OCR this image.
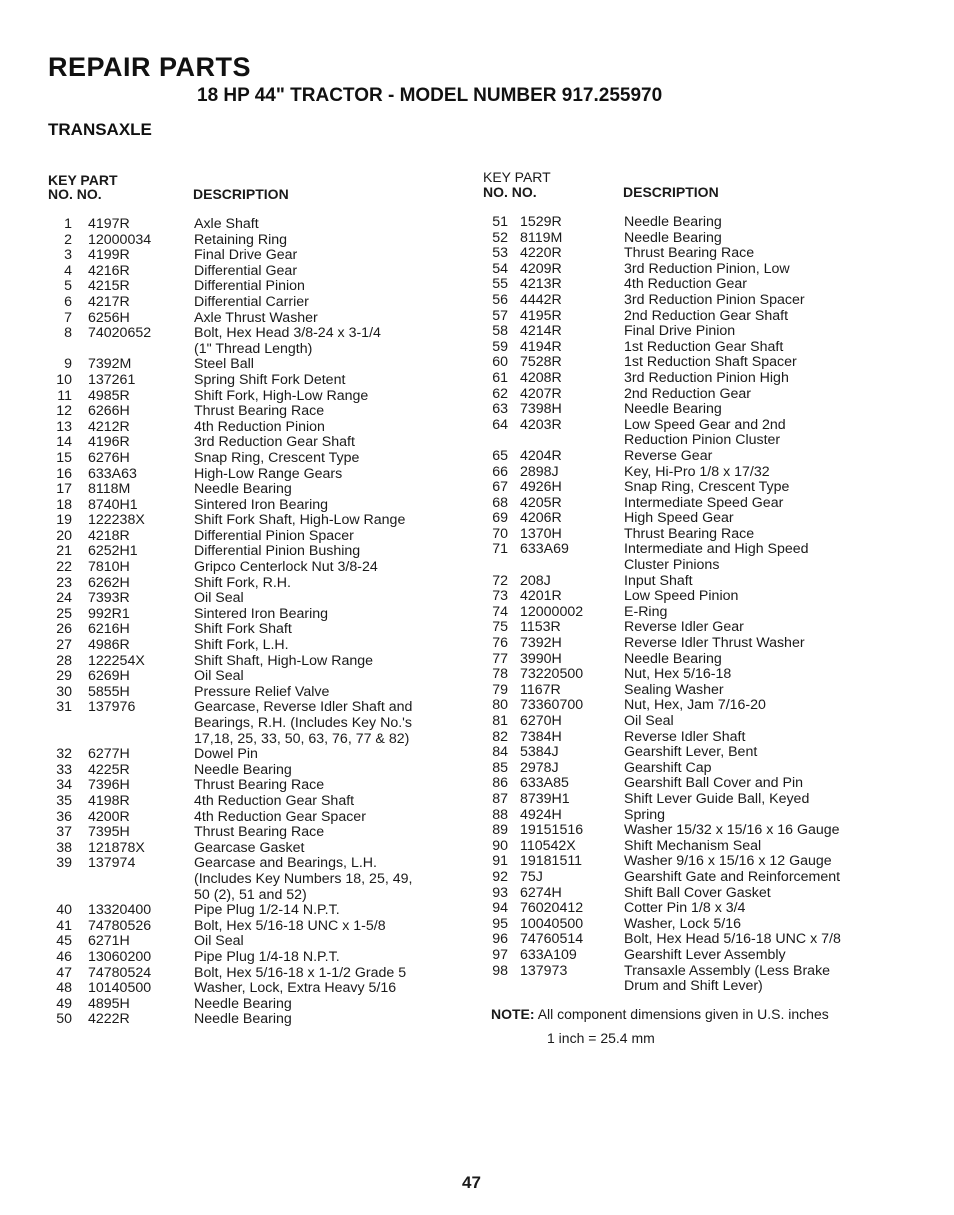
REPAIR PARTS
18 HP 44" TRACTOR - MODEL NUMBER 917.255970
TRANSAXLE
KEY PART
NO. NO.	DESCRIPTION
KEY PART
NO. NO.	DESCRIPTION
1 4197R	Axle Shaft
2 12000034	Retaining Ring
3 4199R	Final Drive Gear
4 4216R	Differential Gear
5 4215R	Differential Pinion
6 4217R	Differential Carrier
7 6256H	Axle Thrust Washer
8 74020652	Bolt, Hex Head 3/8-24 x 3-1/4
(1" Thread Length)
9 7392M	Steel Ball
10 137261	Spring Shift Fork Detent
11 4985R	Shift Fork, High-Low Range
12 6266H	Thrust Bearing Race
13 4212R	4th Reduction Pinion
14 4196R	3rd Reduction Gear Shaft
15 6276H	Snap Ring, Crescent Type
16 633A63	High-Low Range Gears
17 8118M	Needle Bearing
18 8740H1	Sintered Iron Bearing
19 122238X	Shift Fork Shaft, High-Low Range
20 4218R	Differential Pinion Spacer
21 6252H1	Differential Pinion Bushing
22 7810H	Gripco Centerlock Nut 3/8-24
23 6262H	Shift Fork, R.H.
24 7393R	Oil Seal
25 992R1	Sintered Iron Bearing
26 6216H	Shift Fork Shaft
27 4986R	Shift Fork, L.H.
28 122254X	Shift Shaft, High-Low Range
29 6269H	Oil Seal
30 5855H	Pressure Relief Valve
31 137976	Gearcase, Reverse Idler Shaft and
Bearings, R.H. (Includes Key No.'s
17,18, 25, 33, 50, 63, 76, 77 & 82)
32 6277H	Dowel Pin
33 4225R	Needle Bearing
34 7396H	Thrust Bearing Race
35 4198R	4th Reduction Gear Shaft
36 4200R	4th Reduction Gear Spacer
37 7395H	Thrust Bearing Race
38 121878X	Gearcase Gasket
39 137974	Gearcase and Bearings, L.H.
(Includes Key Numbers 18, 25, 49,
50 (2), 51 and 52)
40 13320400	Pipe Plug 1/2-14 N.P.T.
41 74780526	Bolt, Hex 5/16-18 UNC x 1-5/8
45 6271H	Oil Seal
46 13060200	Pipe Plug 1/4-18 N.P.T.
47 74780524	Bolt, Hex 5/16-18 x 1-1/2 Grade 5
48 10140500	Washer, Lock, Extra Heavy 5/16
49 4895H	Needle Bearing
50 4222R	Needle Bearing
51 1529R	Needle Bearing
52 8119M	Needle Bearing
53 4220R	Thrust Bearing Race
54 4209R	3rd Reduction Pinion, Low
55 4213R	4th Reduction Gear
56 4442R	3rd Reduction Pinion Spacer
57 4195R	2nd Reduction Gear Shaft
58 4214R	Final Drive Pinion
59 4194R	1st Reduction Gear Shaft
60 7528R	1st Reduction Shaft Spacer
61 4208R	3rd Reduction Pinion High
62 4207R	2nd Reduction Gear
63 7398H	Needle Bearing
64 4203R	Low Speed Gear and 2nd
Reduction Pinion Cluster
65 4204R	Reverse Gear
66 2898J	Key, Hi-Pro 1/8 x 17/32
67 4926H	Snap Ring, Crescent Type
68 4205R	Intermediate Speed Gear
69 4206R	High Speed Gear
70 1370H	Thrust Bearing Race
71 633A69	Intermediate and High Speed
Cluster Pinions
72 208J	Input Shaft
73 4201R	Low Speed Pinion
74 12000002	E-Ring
75 1153R	Reverse Idler Gear
76 7392H	Reverse Idler Thrust Washer
77 3990H	Needle Bearing
78 73220500	Nut, Hex 5/16-18
79 1167R	Sealing Washer
80 73360700	Nut, Hex, Jam 7/16-20
81 6270H	Oil Seal
82 7384H	Reverse Idler Shaft
84 5384J	Gearshift Lever, Bent
85 2978J	Gearshift Cap
86 633A85	Gearshift Ball Cover and Pin
87 8739H1	Shift Lever Guide Ball, Keyed
88 4924H	Spring
89 19151516	Washer 15/32 x 15/16 x 16 Gauge
90 110542X	Shift Mechanism Seal
91 19181511	Washer 9/16 x 15/16 x 12 Gauge
92 75J	Gearshift Gate and Reinforcement
93 6274H	Shift Ball Cover Gasket
94 76020412	Cotter Pin 1/8 x 3/4
95 10040500	Washer, Lock 5/16
96 74760514	Bolt, Hex Head 5/16-18 UNC x 7/8
97 633A109	Gearshift Lever Assembly
98 137973	Transaxle Assembly (Less Brake
Drum and Shift Lever)
NOTE: All component dimensions given in U.S. inches
1 inch = 25.4 mm
47
